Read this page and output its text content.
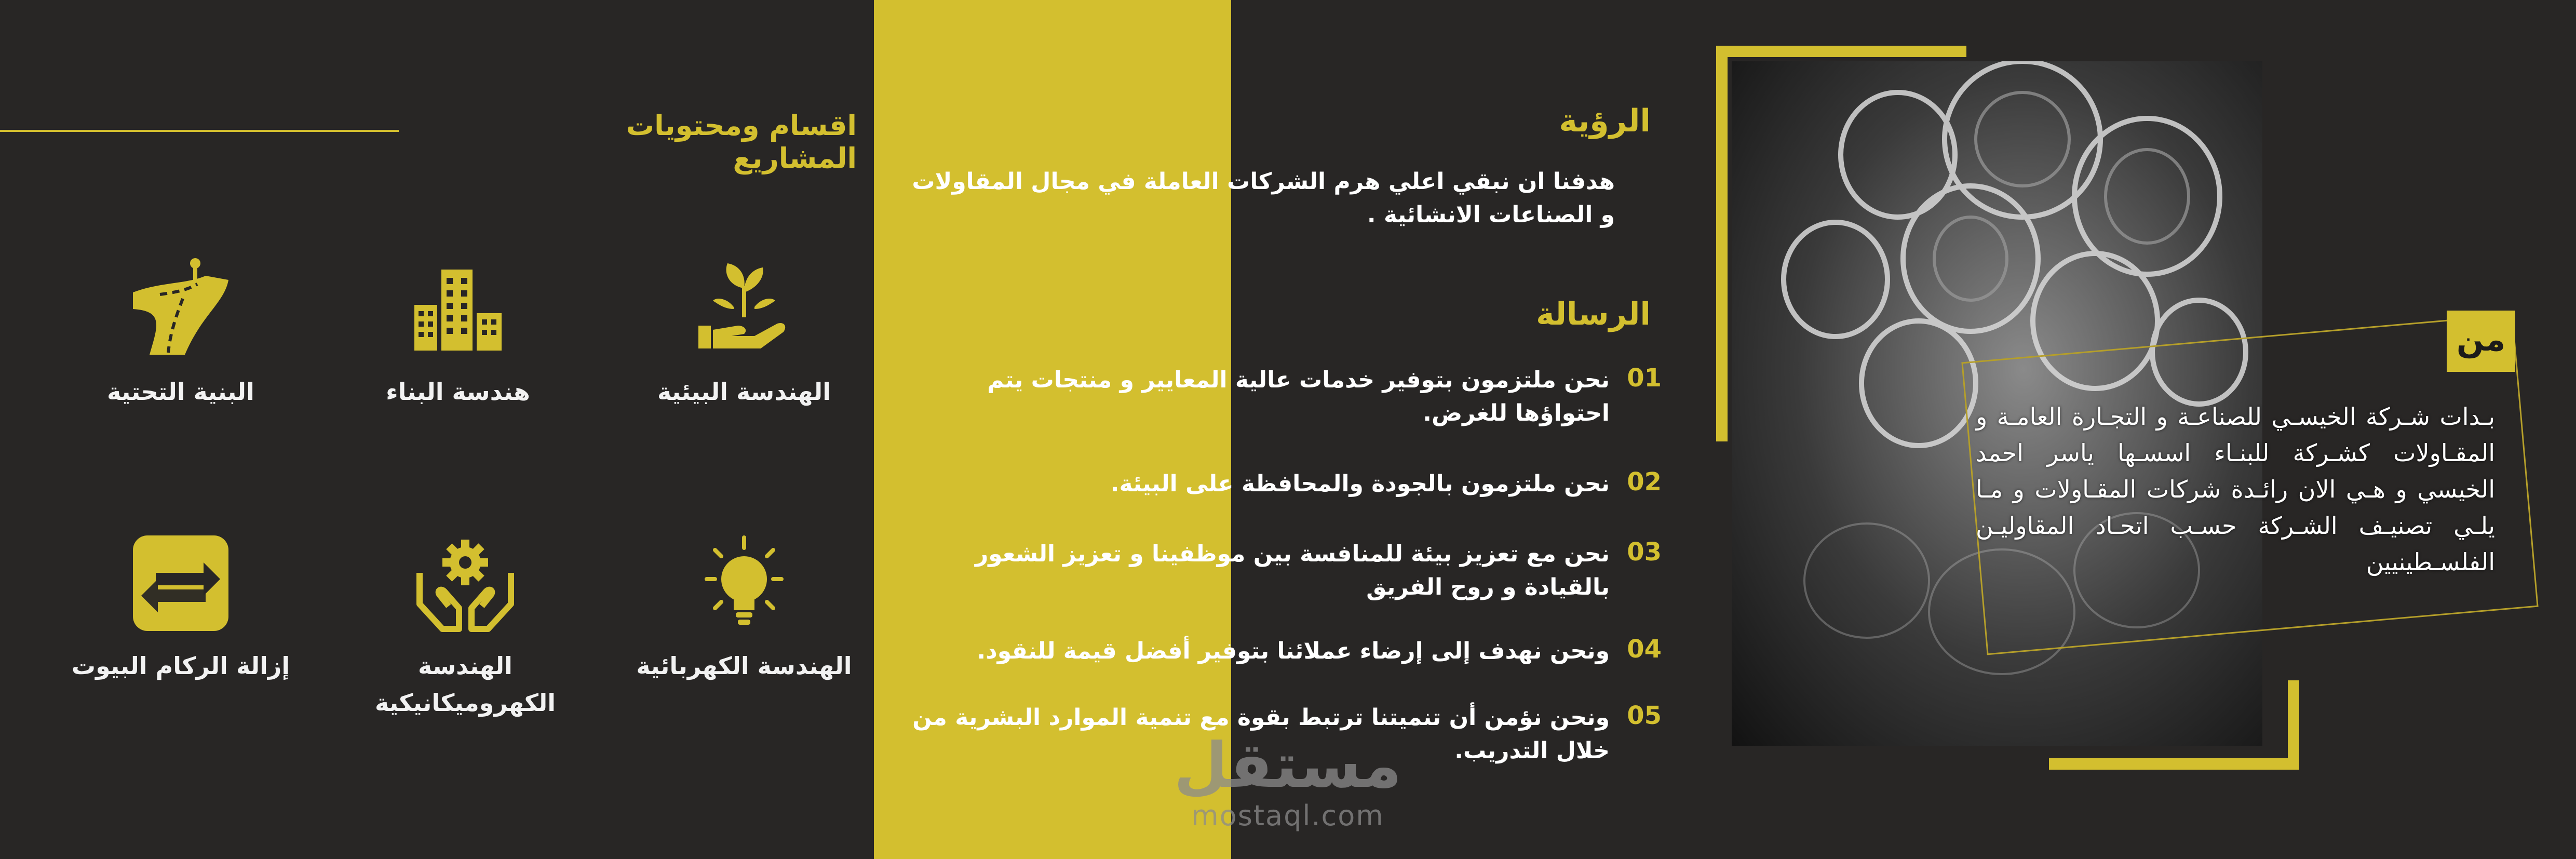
اقسام ومحتويات المشاريع
الهندسة البيئية
هندسة البناء
البنية التحتية
الهندسة الكهربائية
الهندسة الكهروميكانيكية
إزالة الركام البيوت
الرؤية
هدفنا ان نبقي اعلي هرم الشركات العاملة في مجال المقاولات و الصناعات الانشائية .
الرسالة
01
نحن ملتزمون بتوفير خدمات عالية المعايير و منتجات يتم احتواؤها للغرض.
02
نحن ملتزمون بالجودة والمحافظة على البيئة.
03
نحن مع تعزيز بيئة للمنافسة بين موظفينا و تعزيز الشعور بالقيادة و روح الفريق
04
ونحن نهدف إلى إرضاء عملائنا بتوفير أفضل قيمة للنقود.
05
ونحن نؤمن أن تنميتنا ترتبط بقوة مع تنمية الموارد البشرية من خلال التدريب.
من
بـدات شـركة الخيسـي للصناعـة و التجـارة العامـة و المقـاولات كشـركة للبنـاء اسسـها ياسر احمد الخيسي و هـي الان رائـدة شركات المقـاولات و مـا يلـي تصنيـف الشـركة حسـب اتحـاد المقاوليـن الفلسـطينيين
مستقل
mostaql.com
